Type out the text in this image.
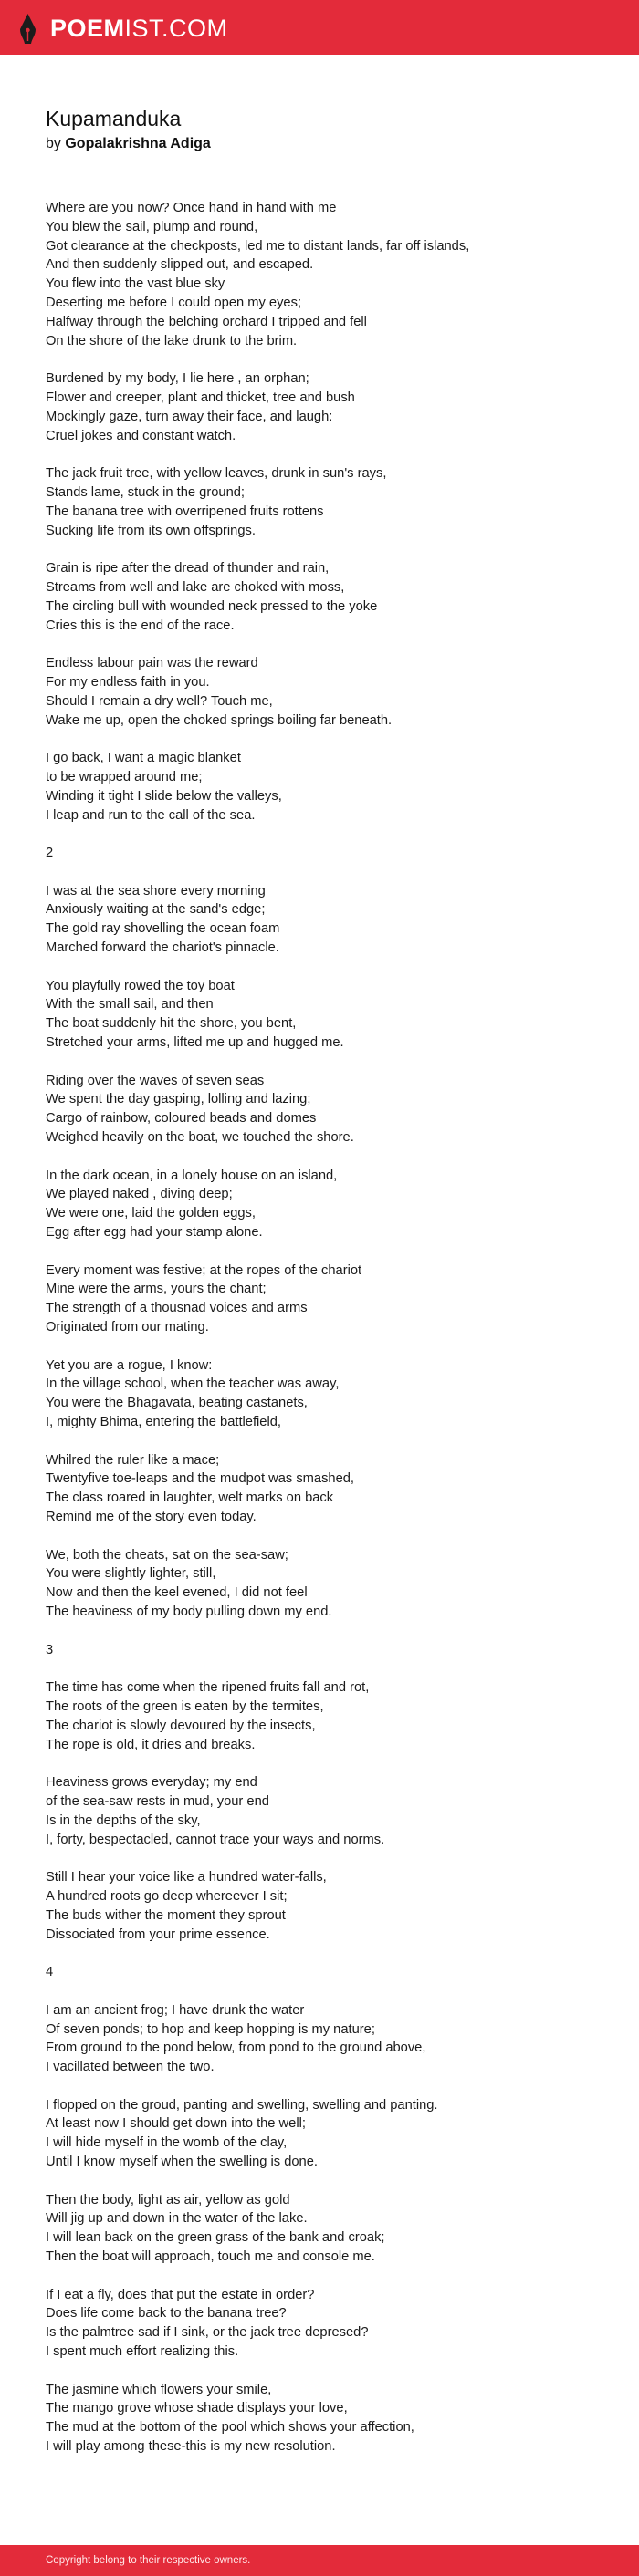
POEMIST.COM
Kupamanduka
by Gopalakrishna Adiga
Where are you now? Once hand in hand with me
You blew the sail, plump and round,
Got clearance at the checkposts, led me to distant lands, far off islands,
And then suddenly slipped out, and escaped.
You flew into the vast blue sky
Deserting me before I could open my eyes;
Halfway through the belching orchard I tripped and fell
On the shore of the lake drunk to the brim.
Burdened by my body, I lie here , an orphan;
Flower and creeper, plant and thicket, tree and bush
Mockingly gaze, turn away their face, and laugh:
Cruel jokes and constant watch.
The jack fruit tree, with yellow leaves, drunk in sun's rays,
Stands lame, stuck in the ground;
The banana tree with overripened fruits rottens
Sucking life from its own offsprings.
Grain is ripe after the dread of thunder and rain,
Streams from well and lake are choked with moss,
The circling bull with wounded neck pressed to the yoke
Cries this is the end of the race.
Endless labour pain was the reward
For my endless faith in you.
Should I remain a dry well? Touch me,
Wake me up, open the choked springs boiling far beneath.
I go back, I want a magic blanket
to be wrapped around me;
Winding it tight I slide below the valleys,
I leap and run to the call of the sea.
2
I was at the sea shore every morning
Anxiously waiting at the sand's edge;
The gold ray shovelling the ocean foam
Marched forward the chariot's pinnacle.
You playfully rowed the toy boat
With the small sail, and then
The boat suddenly hit the shore, you bent,
Stretched your arms, lifted me up and hugged me.
Riding over the waves of seven seas
We spent the day gasping, lolling and lazing;
Cargo of rainbow, coloured beads and domes
Weighed heavily on the boat, we touched the shore.
In the dark ocean, in a lonely house on an island,
We played naked , diving deep;
We were one, laid the golden eggs,
Egg after egg had your stamp alone.
Every moment was festive; at the ropes of the chariot
Mine were the arms, yours the chant;
The strength of a thousnad voices and arms
Originated from our mating.
Yet you are a rogue, I know:
In the village school, when the teacher was away,
You were the Bhagavata, beating castanets,
I, mighty Bhima, entering the battlefield,
Whilred the ruler like a mace;
Twentyfive toe-leaps and the mudpot was smashed,
The class roared in laughter, welt marks on back
Remind me of the story even today.
We, both the cheats, sat on the sea-saw;
You were slightly lighter, still,
Now and then the keel evened, I did not feel
The heaviness of my body pulling down my end.
3
The time has come when the ripened fruits fall and rot,
The roots of the green is eaten by the termites,
The chariot is slowly devoured by the insects,
The rope is old, it dries and breaks.
Heaviness grows everyday; my end
of the sea-saw rests in mud, your end
Is in the depths of the sky,
I, forty, bespectacled, cannot trace your ways and norms.
Still I hear your voice like a hundred water-falls,
A hundred roots go deep whereever I sit;
The buds wither the moment they sprout
Dissociated from your prime essence.
4
I am an ancient frog; I have drunk the water
Of seven ponds; to hop and keep hopping is my nature;
From ground to the pond below, from pond to the ground above,
I vacillated between the two.
I flopped on the groud, panting and swelling, swelling and panting.
At least now I should get down into the well;
I will hide myself in the womb of the clay,
Until I know myself when the swelling is done.
Then the body, light as air, yellow as gold
Will jig up and down in the water of the lake.
I will lean back on the green grass of the bank and croak;
Then the boat will approach, touch me and console me.
If I eat a fly, does that put the estate in order?
Does life come back to the banana tree?
Is the palmtree sad if I sink, or the jack tree depresed?
I spent much effort realizing this.
The jasmine which flowers your smile,
The mango grove whose shade displays your love,
The mud at the bottom of the pool which shows your affection,
I will play among these-this is my new resolution.
Copyright belong to their respective owners.
